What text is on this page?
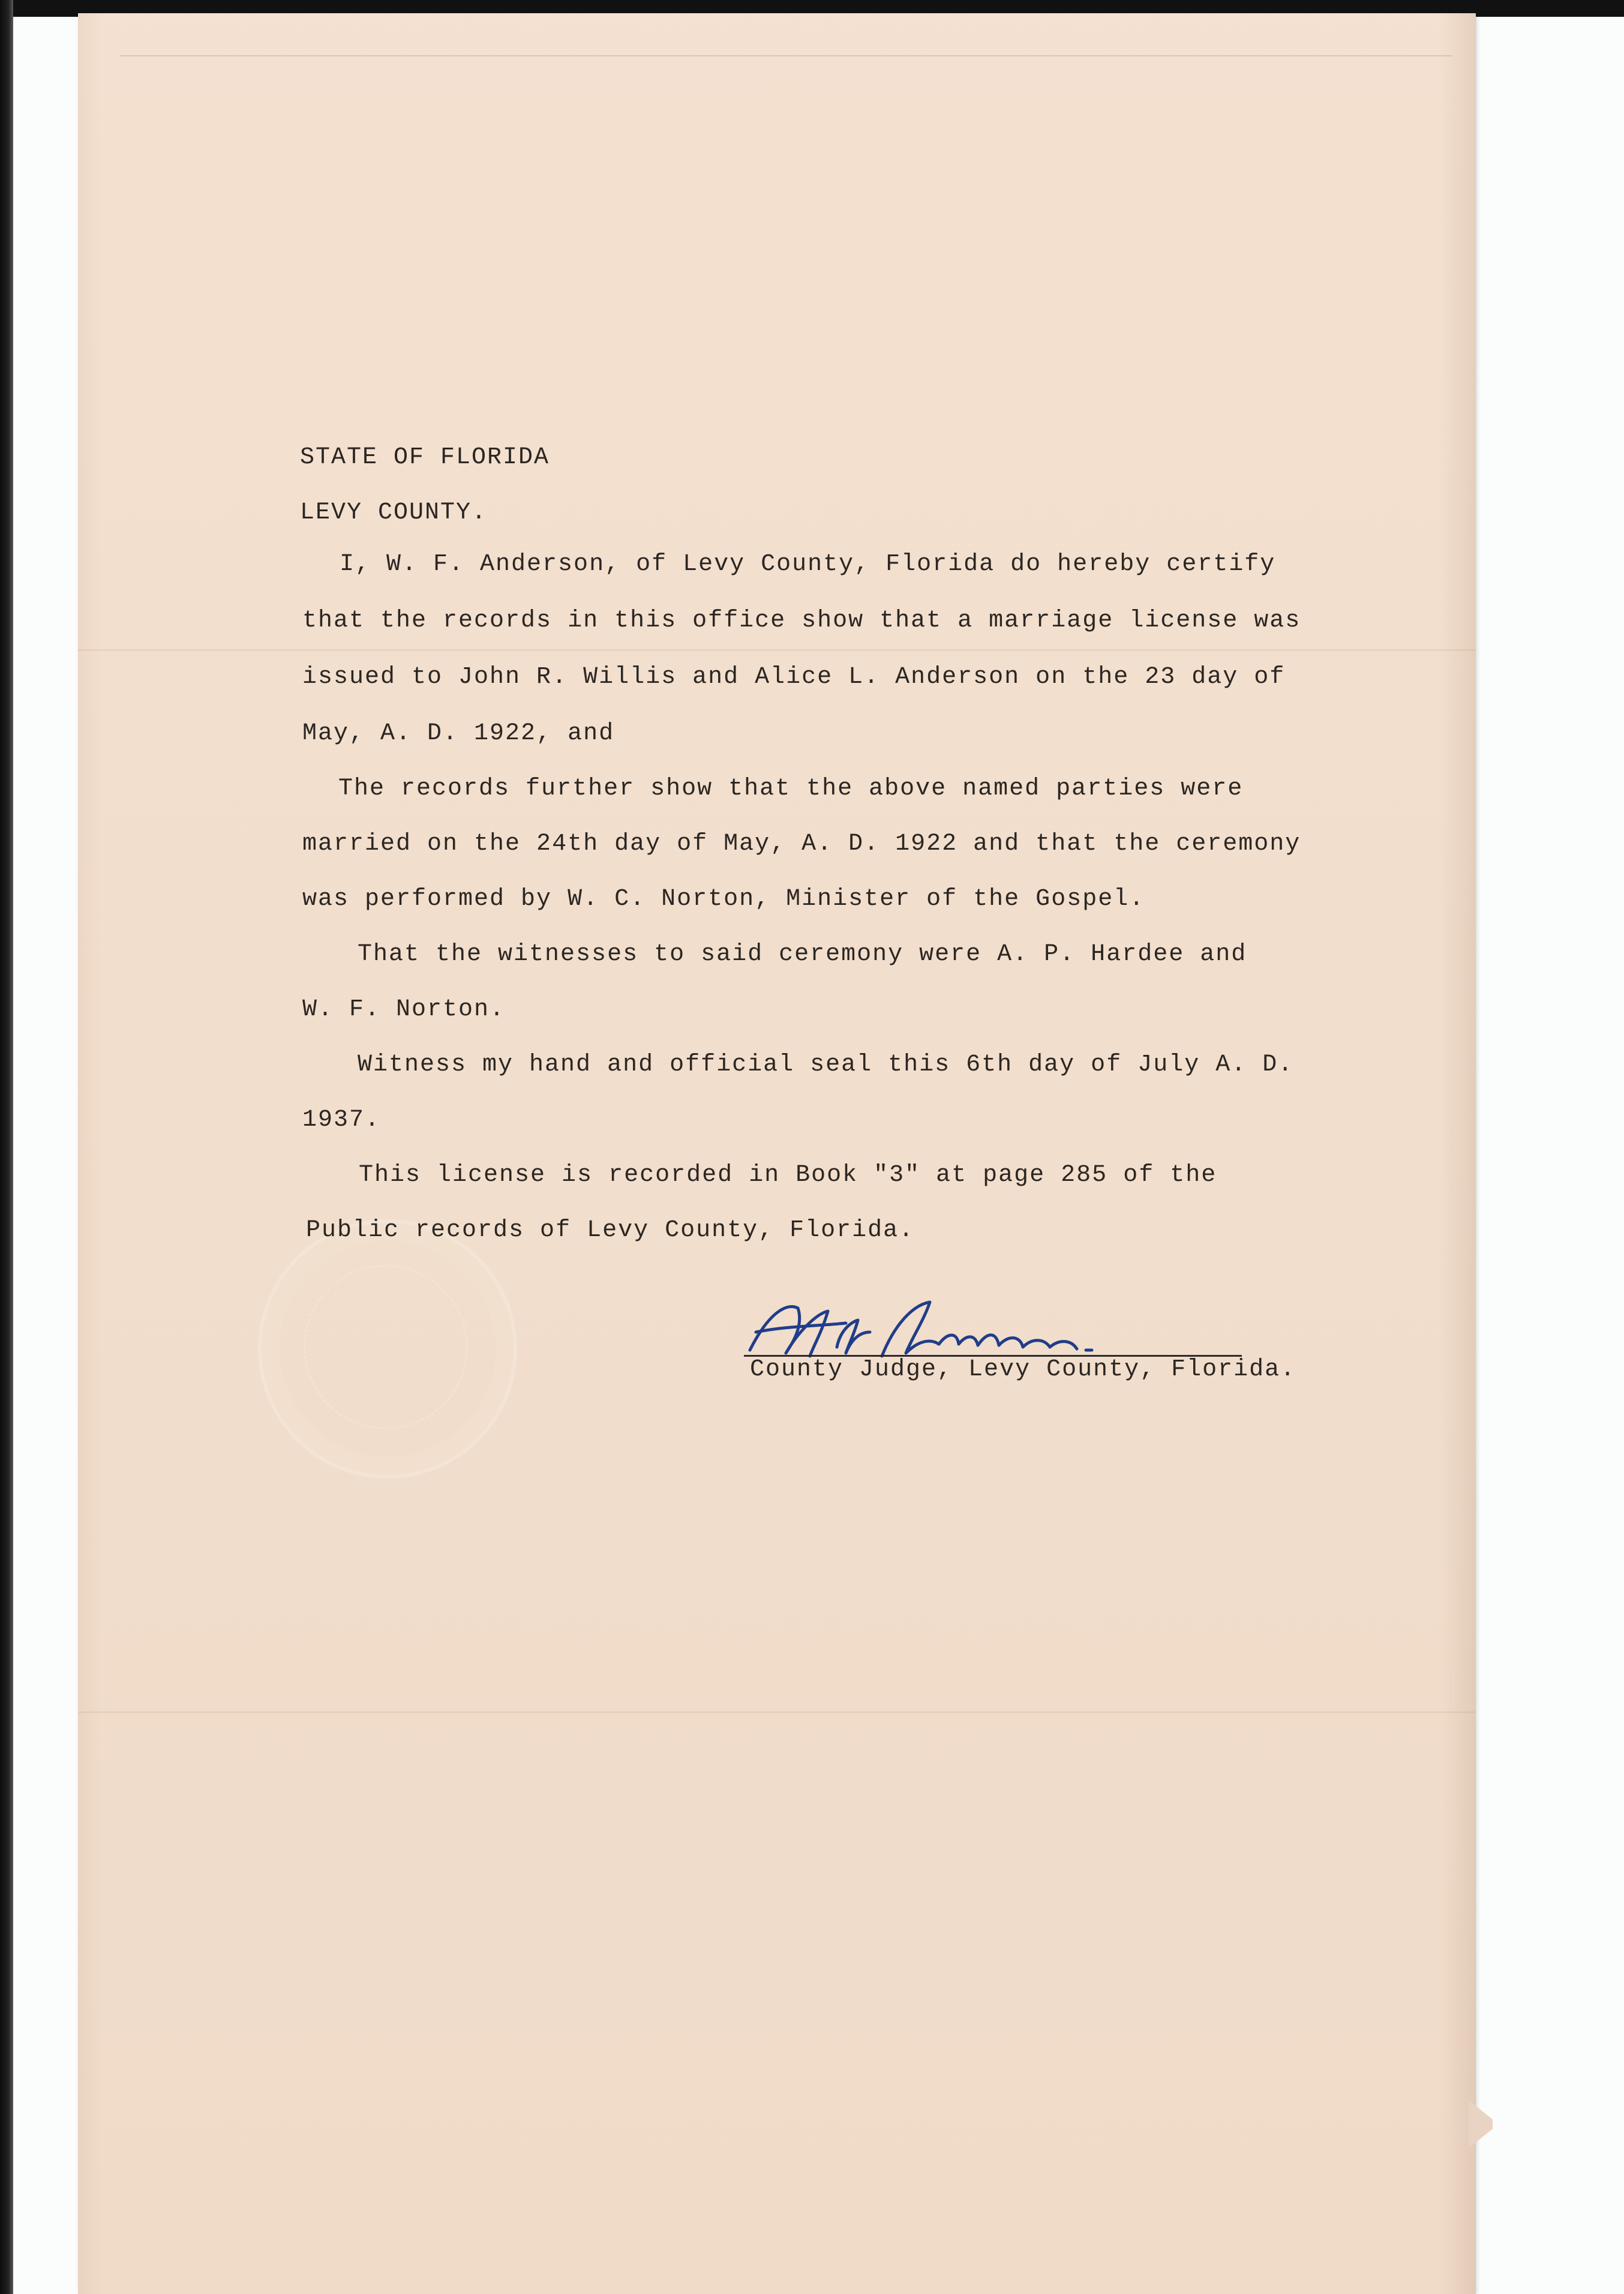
STATE OF FLORIDA
LEVY COUNTY.
I, W. F. Anderson, of Levy County, Florida do hereby certify
that the records in this office show that a marriage license was
issued to John R. Willis and Alice L. Anderson on the 23 day of
May, A. D. 1922, and
The records further show that the above named parties were
married on the 24th day of May, A. D. 1922 and that the ceremony
was performed by W. C. Norton, Minister of the Gospel.
That the witnesses to said ceremony were A. P. Hardee and
W. F. Norton.
Witness my hand and official seal this 6th day of July A. D.
1937.
This license is recorded in Book "3" at page 285 of the
Public records of Levy County, Florida.
County Judge, Levy County, Florida.
